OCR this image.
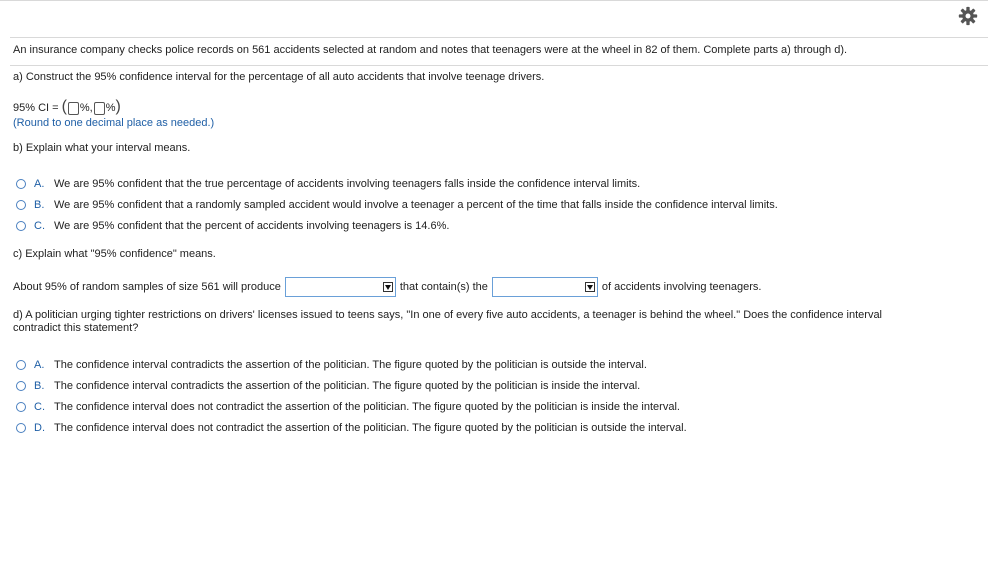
An insurance company checks police records on 561 accidents selected at random and notes that teenagers were at the wheel in 82 of them. Complete parts a) through d).
a) Construct the 95% confidence interval for the percentage of all auto accidents that involve teenage drivers.
95% CI = ( %, % )
(Round to one decimal place as needed.)
b) Explain what your interval means.
A. We are 95% confident that the true percentage of accidents involving teenagers falls inside the confidence interval limits.
B. We are 95% confident that a randomly sampled accident would involve a teenager a percent of the time that falls inside the confidence interval limits.
C. We are 95% confident that the percent of accidents involving teenagers is 14.6%.
c) Explain what "95% confidence" means.
About 95% of random samples of size 561 will produce	that contain(s) the	of accidents involving teenagers.
d) A politician urging tighter restrictions on drivers' licenses issued to teens says, "In one of every five auto accidents, a teenager is behind the wheel." Does the confidence interval
contradict this statement?
A. The confidence interval contradicts the assertion of the politician. The figure quoted by the politician is outside the interval.
B. The confidence interval contradicts the assertion of the politician. The figure quoted by the politician is inside the interval.
C. The confidence interval does not contradict the assertion of the politician. The figure quoted by the politician is inside the interval.
D. The confidence interval does not contradict the assertion of the politician. The figure quoted by the politician is outside the interval.
